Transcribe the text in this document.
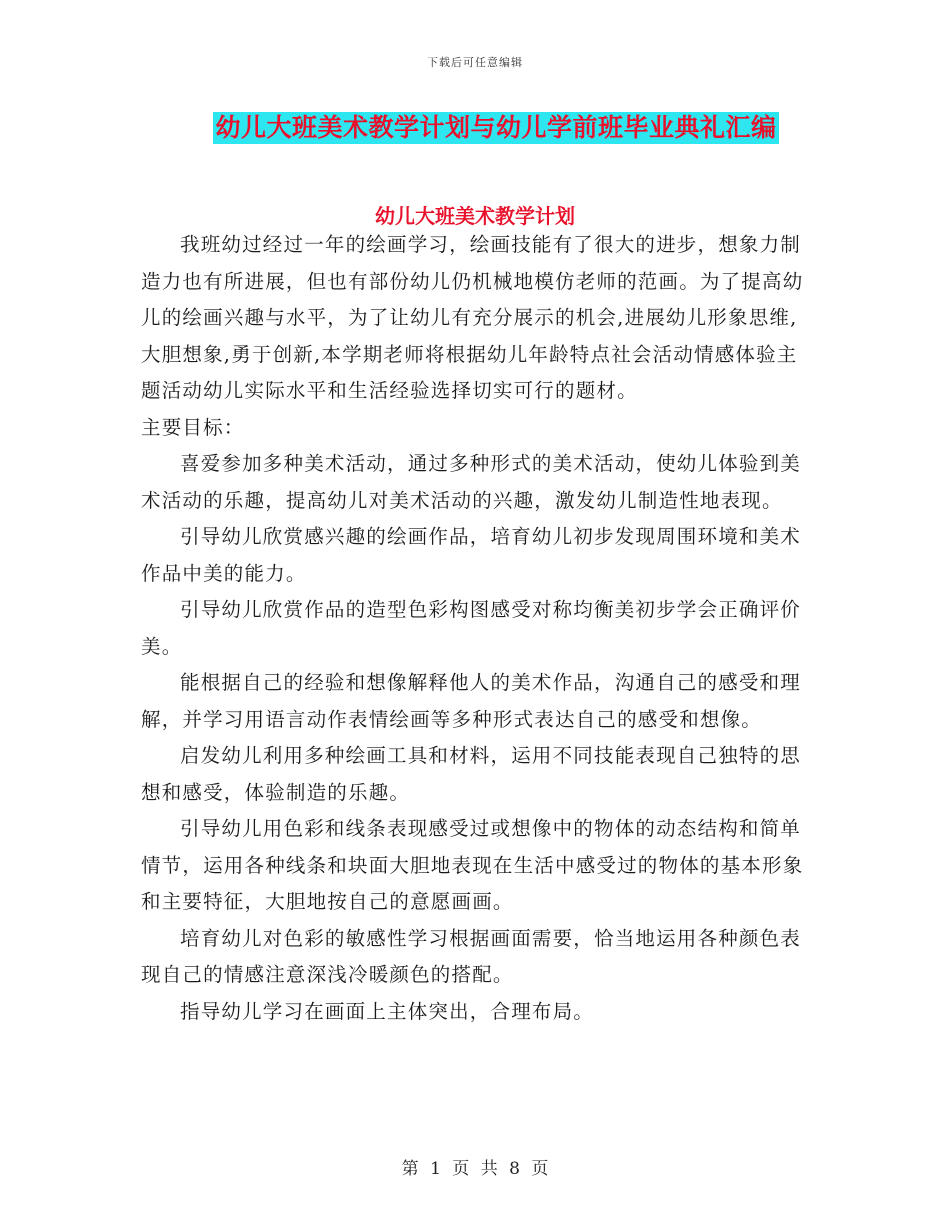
下载后可任意编辑
幼儿大班美术教学计划与幼儿学前班毕业典礼汇编
幼儿大班美术教学计划

我班幼过经过一年的绘画学习，绘画技能有了很大的进步，想象力制造力也有所进展，但也有部份幼儿仍机械地模仿老师的范画。为了提高幼儿的绘画兴趣与水平，为了让幼儿有充分展示的机会,进展幼儿形象思维,大胆想象,勇于创新,本学期老师将根据幼儿年龄特点社会活动情感体验主题活动幼儿实际水平和生活经验选择切实可行的题材。

主要目标：

喜爱参加多种美术活动，通过多种形式的美术活动，使幼儿体验到美术活动的乐趣，提高幼儿对美术活动的兴趣，激发幼儿制造性地表现。

引导幼儿欣赏感兴趣的绘画作品，培育幼儿初步发现周围环境和美术作品中美的能力。

引导幼儿欣赏作品的造型色彩构图感受对称均衡美初步学会正确评价美。

能根据自己的经验和想像解释他人的美术作品，沟通自己的感受和理解，并学习用语言动作表情绘画等多种形式表达自己的感受和想像。

启发幼儿利用多种绘画工具和材料，运用不同技能表现自己独特的思想和感受，体验制造的乐趣。

引导幼儿用色彩和线条表现感受过或想像中的物体的动态结构和简单情节，运用各种线条和块面大胆地表现在生活中感受过的物体的基本形象和主要特征，大胆地按自己的意愿画画。

培育幼儿对色彩的敏感性学习根据画面需要，恰当地运用各种颜色表现自己的情感注意深浅冷暖颜色的搭配。

指导幼儿学习在画面上主体突出，合理布局。

第 1 页 共 8 页
